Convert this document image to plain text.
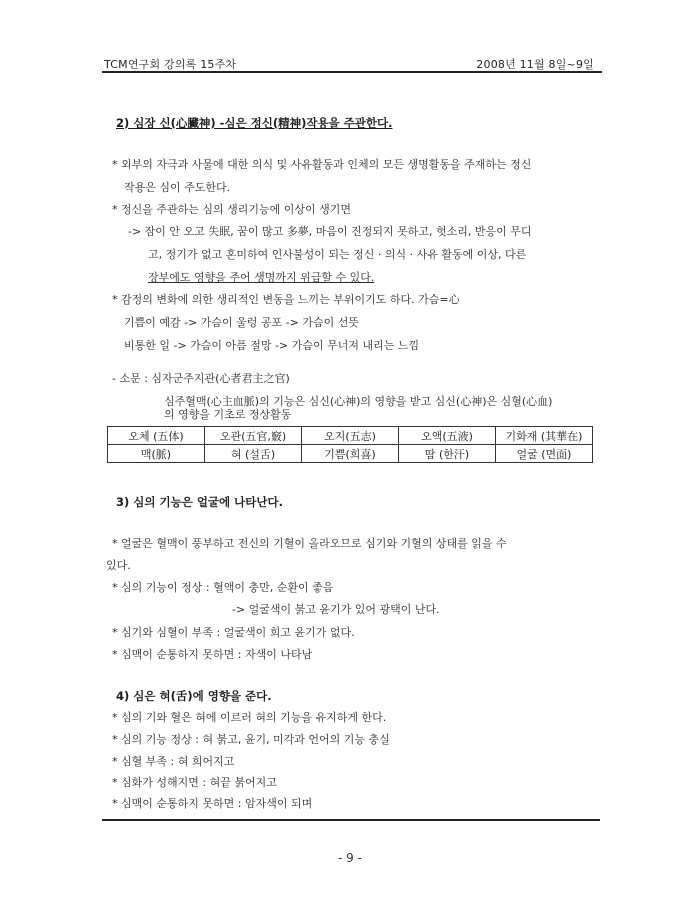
TCM연구회 강의록 15주차	2008년 11월 8일~9일
2) 심장 신(心臟神) -심은 정신(精神)작용을 주관한다.
* 외부의 자극과 사물에 대한 의식 및 사유활동과 인체의 모든 생명활동을 주재하는 정신
작용은 심이 주도한다.
* 정신을 주관하는 심의 생리기능에 이상이 생기면
-> 잠이 안 오고 失眠, 꿈이 많고 多夢, 마음이 진정되지 못하고, 헛소리, 반응이 무디
고, 정기가 없고 혼미하여 인사불성이 되는 정신 · 의식 · 사유 활동에 이상, 다른
장부에도 영향을 주어 생명까지 위급할 수 있다.
* 감정의 변화에 의한 생리적인 변동을 느끼는 부위이기도 하다. 가슴=心
기쁨이 예감 -> 가슴이 울렁 공포 -> 가슴이 선뜻
비통한 일 -> 가슴이 아픔 절망 -> 가슴이 무너져 내리는 느낌
- 소문 : 심자군주지관(心者君主之官)
심주혈맥(心主血脈)의 기능은 심신(心神)의 영향을 받고 심신(心神)은 심혈(心血)
의 영향을 기초로 정상활동
오체 (五体)	오관(五官,竅)	오지(五志)	오액(五液)	기화재 (其華在)
맥(脈)	혀 (설舌)	기쁨(희喜)	땀 (한汗)	얼굴 (면面)
3) 심의 기능은 얼굴에 나타난다.
* 얼굴은 혈맥이 풍부하고 전신의 기혈이 올라오므로 심기와 기혈의 상태를 읽을 수
있다.
* 심의 기능이 정상 : 혈액이 충만, 순환이 좋음
-> 얼굴색이 붉고 윤기가 있어 광택이 난다.
* 심기와 심혈이 부족 : 얼굴색이 희고 윤기가 없다.
* 심맥이 순통하지 못하면 : 자색이 나타남
4) 심은 혀(舌)에 영향을 준다.
* 심의 기와 혈은 혀에 이르러 혀의 기능을 유지하게 한다.
* 심의 기능 정상 : 혀 붉고, 윤기, 미각과 언어의 기능 충실
* 심혈 부족 : 혀 희어지고
* 심화가 성해지면 : 혀끝 붉어지고
* 심맥이 순통하지 못하면 : 암자색이 되며
- 9 -
